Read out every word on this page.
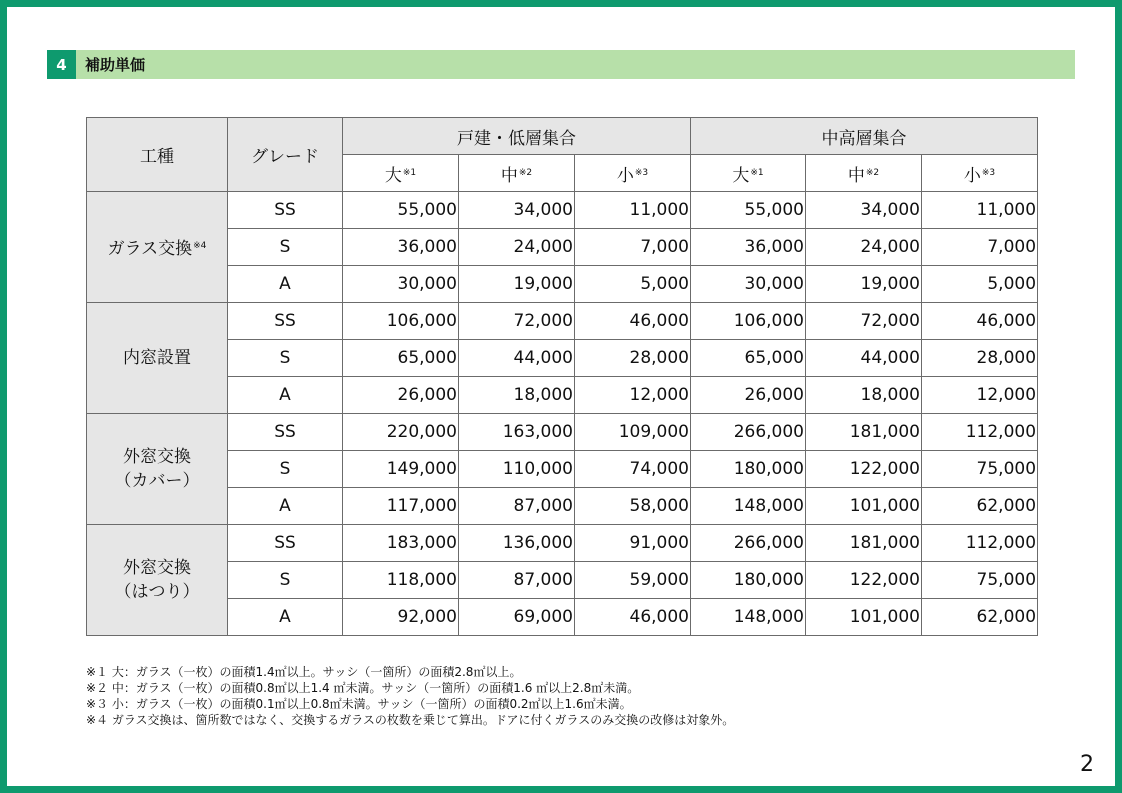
4	補助単価
工種	グレード	戸建・低層集合			中高層集合		
		大$^{※1}$	中$^{※2}$	小$^{※3}$	大$^{※1}$	中$^{※2}$	小$^{※3}$
ガラス交換$^{※4}$	SS	55,000	34,000	11,000	55,000	34,000	11,000
	S	36,000	24,000	7,000	36,000	24,000	7,000
	A	30,000	19,000	5,000	30,000	19,000	5,000
内窓設置	SS	106,000	72,000	46,000	106,000	72,000	46,000
	S	65,000	44,000	28,000	65,000	44,000	28,000
	A	26,000	18,000	12,000	26,000	18,000	12,000
外窓交換
（カバー）	SS	220,000	163,000	109,000	266,000	181,000	112,000
	S	149,000	110,000	74,000	180,000	122,000	75,000
	A	117,000	87,000	58,000	148,000	101,000	62,000
外窓交換
（はつり）	SS	183,000	136,000	91,000	266,000	181,000	112,000
	S	118,000	87,000	59,000	180,000	122,000	75,000
	A	92,000	69,000	46,000	148,000	101,000	62,000
※１ 大：ガラス（一枚）の面積1.4㎡以上。サッシ（一箇所）の面積2.8㎡以上。
※２ 中：ガラス（一枚）の面積0.8㎡以上1.4 ㎡未満。サッシ（一箇所）の面積1.6 ㎡以上2.8㎡未満。
※３ 小：ガラス（一枚）の面積0.1㎡以上0.8㎡未満。サッシ（一箇所）の面積0.2㎡以上1.6㎡未満。
※４ ガラス交換は、箇所数ではなく、交換するガラスの枚数を乗じて算出。ドアに付くガラスのみ交換の改修は対象外。
2
